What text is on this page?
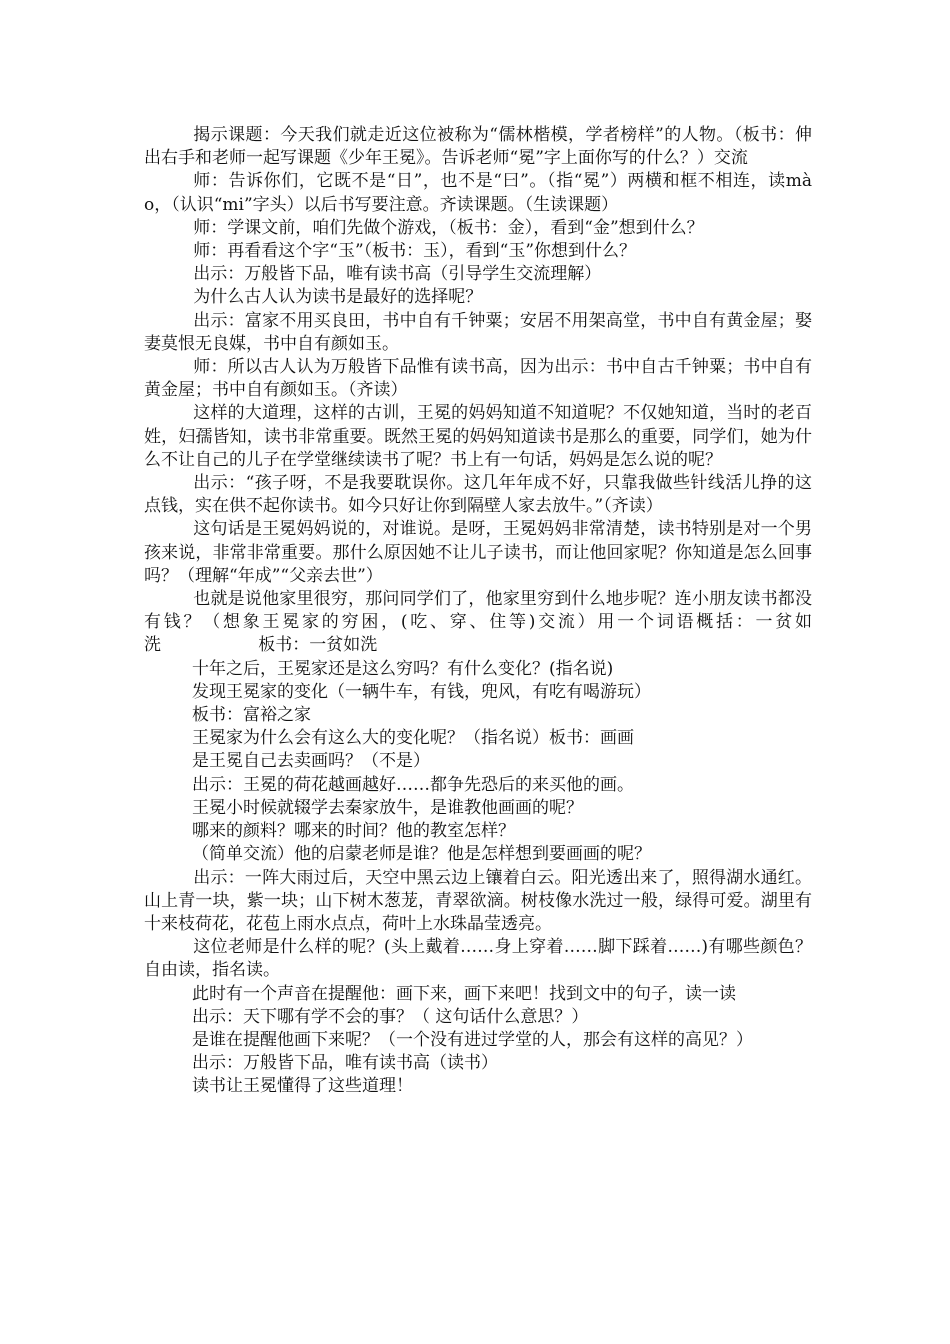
揭示课题：今天我们就走近这位被称为“儒林楷模，学者榜样”的人物。（板书：伸出右手和老师一起写课题《少年王冕》。告诉老师“冕”字上面你写的什么？）交流

师：告诉你们，它既不是“日”，也不是“曰”。（指“冕”）两横和框不相连，读mào，（认识“mi”字头）以后书写要注意。齐读课题。（生读课题）

师：学课文前，咱们先做个游戏，（板书：金），看到“金”想到什么？

师：再看看这个字“玉”（板书：玉），看到“玉”你想到什么？

出示：万般皆下品，唯有读书高（引导学生交流理解）

为什么古人认为读书是最好的选择呢？

出示：富家不用买良田，书中自有千钟粟；安居不用架高堂，书中自有黄金屋；娶妻莫恨无良媒，书中自有颜如玉。

师：所以古人认为万般皆下品惟有读书高，因为出示：书中自古千钟粟；书中自有黄金屋；书中自有颜如玉。（齐读）

这样的大道理，这样的古训，王冕的妈妈知道不知道呢？不仅她知道，当时的老百姓，妇孺皆知，读书非常重要。既然王冕的妈妈知道读书是那么的重要，同学们，她为什么不让自己的儿子在学堂继续读书了呢？书上有一句话，妈妈是怎么说的呢？

出示：“孩子呀，不是我要耽误你。这几年年成不好，只靠我做些针线活儿挣的这点钱，实在供不起你读书。如今只好让你到隔壁人家去放牛。”（齐读）

这句话是王冕妈妈说的，对谁说。是呀，王冕妈妈非常清楚，读书特别是对一个男孩来说，非常非常重要。那什么原因她不让儿子读书，而让他回家呢？你知道是怎么回事吗？（理解“年成”“父亲去世”）

也就是说他家里很穷，那问同学们了，他家里穷到什么地步呢？连小朋友读书都没有钱？（想象王冕家的穷困，(吃、穿、住等)交流）用一个词语概括：一贫如洗	板书：一贫如洗

十年之后，王冕家还是这么穷吗？有什么变化？(指名说)

发现王冕家的变化（一辆牛车，有钱，兜风，有吃有喝游玩）

板书：富裕之家

王冕家为什么会有这么大的变化呢？（指名说）板书：画画

是王冕自己去卖画吗？（不是）

出示：王冕的荷花越画越好……都争先恐后的来买他的画。

王冕小时候就辍学去秦家放牛，是谁教他画画的呢？

哪来的颜料？哪来的时间？他的教室怎样？

（简单交流）他的启蒙老师是谁？他是怎样想到要画画的呢？

出示：一阵大雨过后，天空中黑云边上镶着白云。阳光透出来了，照得湖水通红。山上青一块，紫一块；山下树木葱茏，青翠欲滴。树枝像水洗过一般，绿得可爱。湖里有十来枝荷花，花苞上雨水点点，荷叶上水珠晶莹透亮。

这位老师是什么样的呢？(头上戴着……身上穿着……脚下踩着……)有哪些颜色？自由读，指名读。

此时有一个声音在提醒他：画下来，画下来吧！找到文中的句子，读一读

出示：天下哪有学不会的事？（ 这句话什么意思？）

是谁在提醒他画下来呢？（一个没有进过学堂的人，那会有这样的高见？）

出示：万般皆下品，唯有读书高（读书）

读书让王冕懂得了这些道理！
